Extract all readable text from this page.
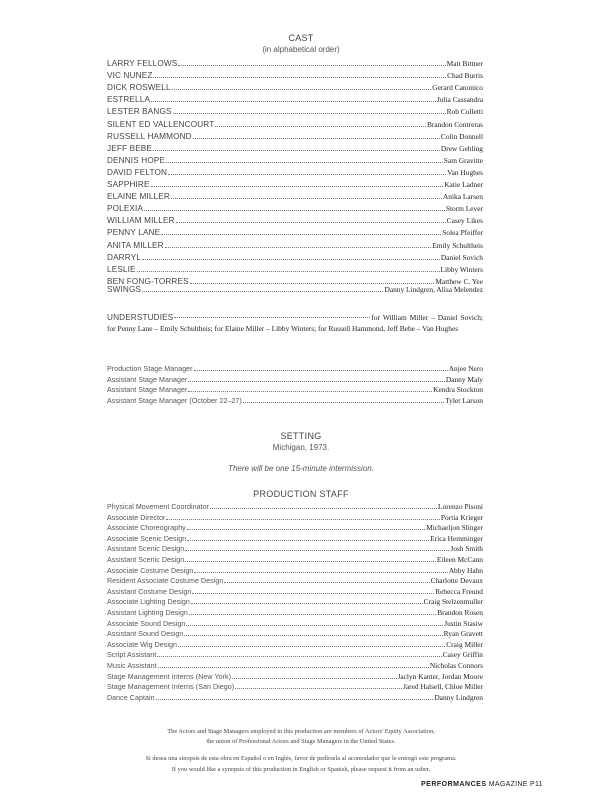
CAST
(in alphabetical order)
LARRY FELLOWS	Matt Bittner
VIC NUNEZ	Chad Burris
DICK ROSWELL	Gerard Canonico
ESTRELLA	Julia Cassandra
LESTER BANGS	Rob Colletti
SILENT ED VALLENCOURT	Brandon Contreras
RUSSELL HAMMOND	Colin Donnell
JEFF BEBE	Drew Gehling
DENNIS HOPE	Sam Gravitte
DAVID FELTON	Van Hughes
SAPPHIRE	Katie Ladner
ELAINE MILLER	Anika Larsen
POLEXIA	Storm Lever
WILLIAM MILLER	Casey Likes
PENNY LANE	Solea Pfeiffer
ANITA MILLER	Emily Schultheis
DARRYL	Daniel Sovich
LESLIE	Libby Winters
BEN FONG-TORRES	Matthew C. Yee
SWINGS	Danny Lindgren, Alisa Melendez
UNDERSTUDIES	for William Miller – Daniel Sovich; for Penny Lane – Emily Schultheis; for Elaine Miller – Libby Winters; for Russell Hammond, Jeff Bebe – Van Hughes
Production Stage Manager	Anjee Nero
Assistant Stage Manager	Danny Maly
Assistant Stage Manager	Kendra Stockton
Assistant Stage Manager (October 22–27)	Tyler Larson
SETTING
Michigan, 1973.
There will be one 15-minute intermission.
PRODUCTION STAFF
Physical Movement Coordinator	Lorenzo Pisoni
Associate Director	Portia Krieger
Associate Choreography	Michaeljon Slinger
Associate Scenic Design	Erica Hemminger
Assistant Scenic Design	Josh Smith
Assistant Scenic Design	Eileen McCann
Associate Costume Design	Abby Hahn
Resident Associate Costume Design	Charlotte Devaux
Assistant Costume Design	Rebecca Freund
Associate Lighting Design	Craig Stelzenmuller
Assistant Lighting Design	Brandon Rosen
Associate Sound Design	Justin Stasiw
Assistant Sound Design	Ryan Gravett
Associate Wig Design	Craig Miller
Script Assistant	Casey Griffin
Music Assistant	Nicholas Connors
Stage Management Interns (New York)	Jaclyn Kanter, Jordan Moore
Stage Management Interns (San Diego)	Jared Halsell, Chloe Miller
Dance Captain	Danny Lindgren
The Actors and Stage Managers employed in this production are members of Actors' Equity Association,
the union of Professional Actors and Stage Managers in the United States.
Si desea una sinopsis de esta obra en Español o en Inglés, favor de pedírsela al acomodador que le entregó este programa.
If you would like a synopsis of this production in English or Spanish, please request it from an usher.
PERFORMANCES MAGAZINE P11
